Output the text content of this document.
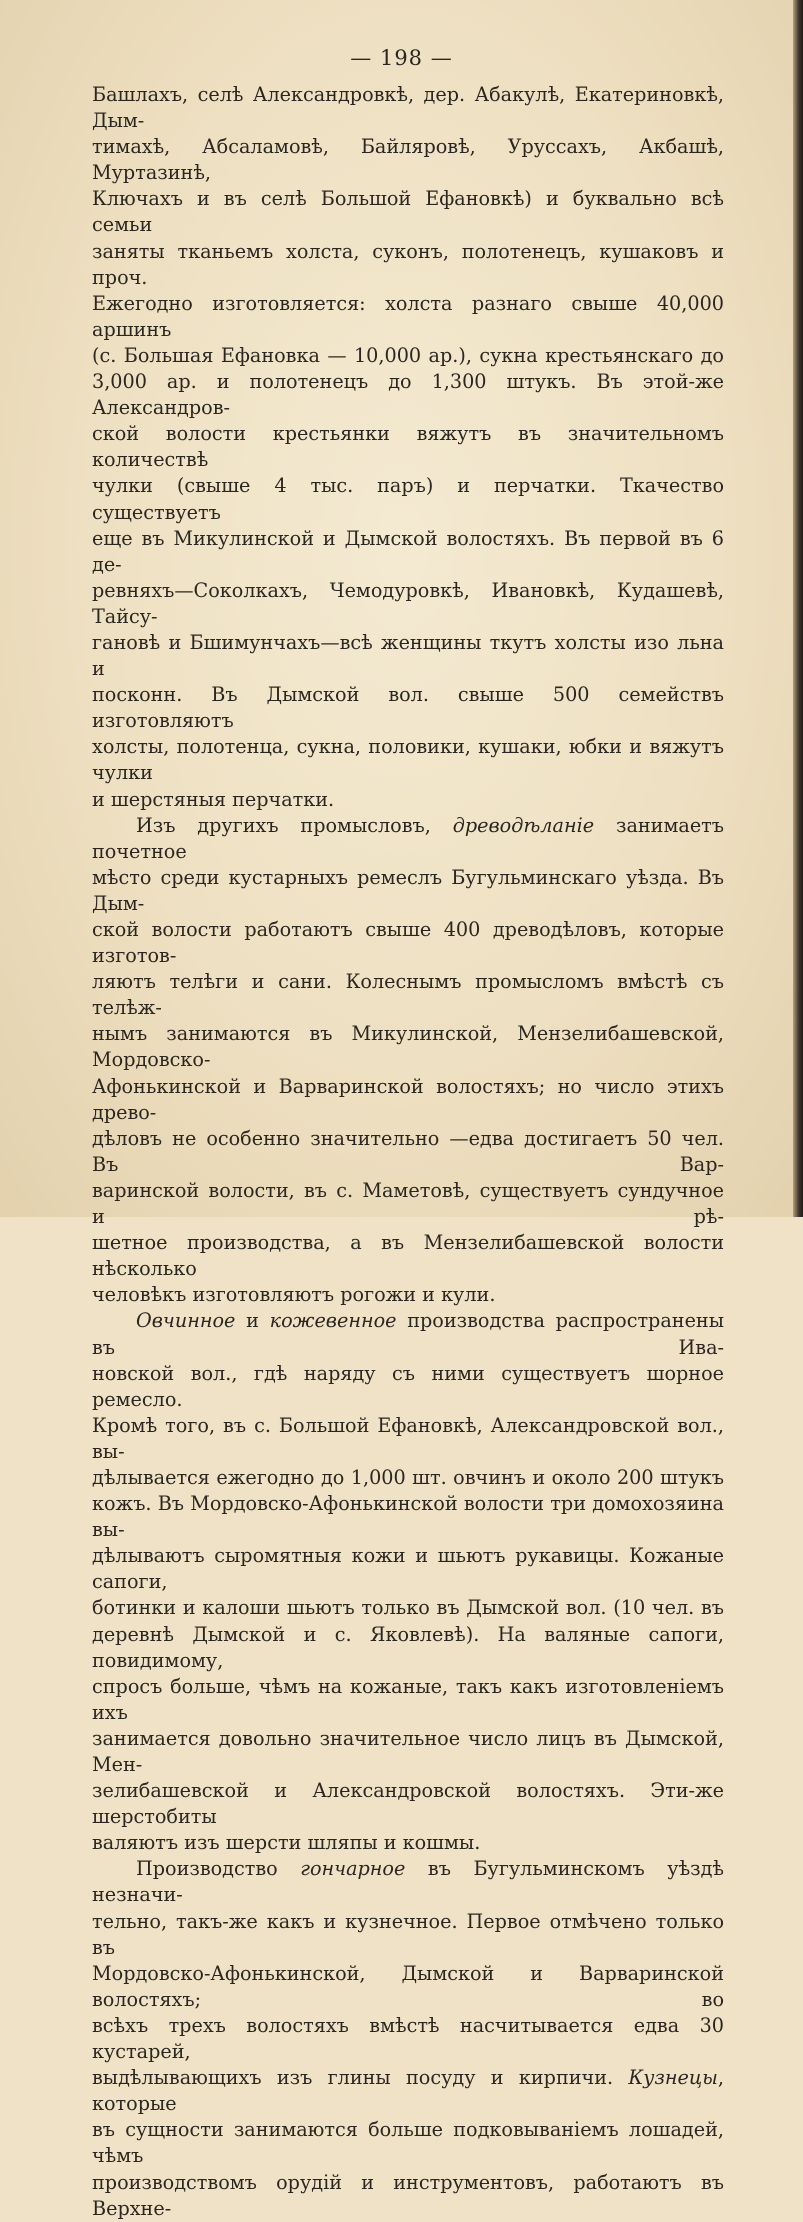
— 198 —

Башлахъ, селѣ Александровкѣ, дер. Абакулѣ, Екатериновкѣ, Дым-

тимахѣ, Абсаламовѣ, Байляровѣ, Уруссахъ, Акбашѣ, Муртазинѣ,

Ключахъ и въ селѣ Большой Ефановкѣ) и буквально всѣ семьи

заняты тканьемъ холста, суконъ, полотенецъ, кушаковъ и проч.

Ежегодно изготовляется: холста разнаго свыше 40,000 аршинъ

(с. Большая Ефановка — 10,000 ар.), сукна крестьянскаго до

3,000 ар. и полотенецъ до 1,300 штукъ. Въ этой-же Александров-

ской волости крестьянки вяжутъ въ значительномъ количествѣ

чулки (свыше 4 тыс. паръ) и перчатки. Ткачество существуетъ

еще въ Микулинской и Дымской волостяхъ. Въ первой въ 6 де-

ревняхъ—Соколкахъ, Чемодуровкѣ, Ивановкѣ, Кудашевѣ, Тайсу-

гановѣ и Бшимунчахъ—всѣ женщины ткутъ холсты изо льна и

посконн. Въ Дымской вол. свыше 500 семействъ изготовляютъ

холсты, полотенца, сукна, половики, кушаки, юбки и вяжутъ чулки

и шерстяныя перчатки.

Изъ другихъ промысловъ, древодѣланіе занимаетъ почетное

мѣсто среди кустарныхъ ремеслъ Бугульминскаго уѣзда. Въ Дым-

ской волости работаютъ свыше 400 древодѣловъ, которые изготов-

ляютъ телѣги и сани. Колеснымъ промысломъ вмѣстѣ съ телѣж-

нымъ занимаются въ Микулинской, Мензелибашевской, Мордовско-

Афонькинской и Варваринской волостяхъ; но число этихъ древо-

дѣловъ не особенно значительно —едва достигаетъ 50 чел. Въ Вар-

варинской волости, въ с. Маметовѣ, существуетъ сундучное и рѣ-

шетное производства, а въ Мензелибашевской волости нѣсколько

человѣкъ изготовляютъ рогожи и кули.

Овчинное и кожевенное производства распространены въ Ива-

новской вол., гдѣ наряду съ ними существуетъ шорное ремесло.

Кромѣ того, въ с. Большой Ефановкѣ, Александровской вол., вы-

дѣлывается ежегодно до 1,000 шт. овчинъ и около 200 штукъ

кожъ. Въ Мордовско-Афонькинской волости три домохозяина вы-

дѣлываютъ сыромятныя кожи и шьютъ рукавицы. Кожаные сапоги,

ботинки и калоши шьютъ только въ Дымской вол. (10 чел. въ

деревнѣ Дымской и с. Яковлевѣ). На валяные сапоги, повидимому,

спросъ больше, чѣмъ на кожаные, такъ какъ изготовленіемъ ихъ

занимается довольно значительное число лицъ въ Дымской, Мен-

зелибашевской и Александровской волостяхъ. Эти-же шерстобиты

валяютъ изъ шерсти шляпы и кошмы.

Производство гончарное въ Бугульминскомъ уѣздѣ незначи-

тельно, такъ-же какъ и кузнечное. Первое отмѣчено только въ

Мордовско-Афонькинской, Дымской и Варваринской волостяхъ; во

всѣхъ трехъ волостяхъ вмѣстѣ насчитывается едва 30 кустарей,

выдѣлывающихъ изъ глины посуду и кирпичи. Кузнецы, которые

въ сущности занимаются больше подковываніемъ лошадей, чѣмъ

производствомъ орудій и инструментовъ, работаютъ въ Верхне-
